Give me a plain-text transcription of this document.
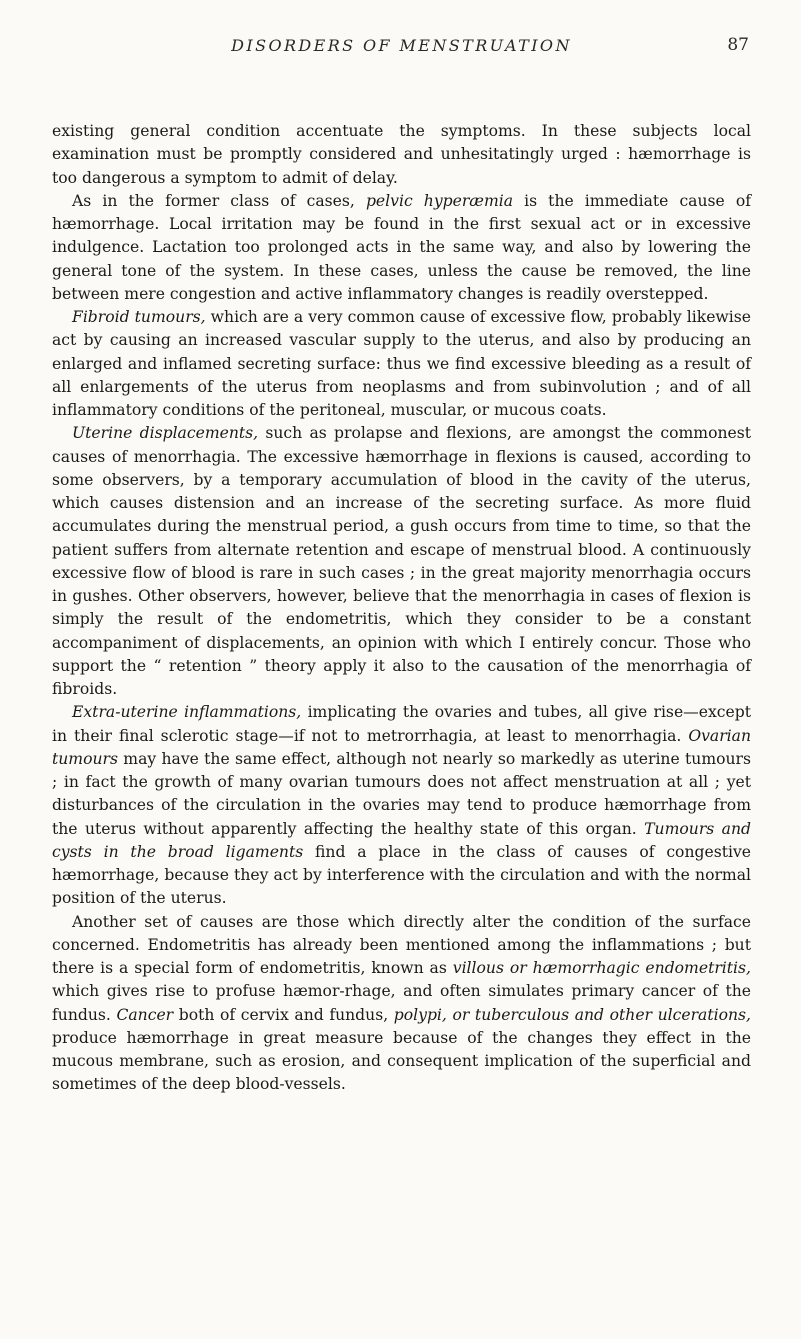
DISORDERS OF MENSTRUATION	87

existing general condition accentuate the symptoms. In these subjects local examination must be promptly considered and unhesitatingly urged : hæmorrhage is too dangerous a symptom to admit of delay.

As in the former class of cases, pelvic hyperæmia is the immediate cause of hæmorrhage. Local irritation may be found in the first sexual act or in excessive indulgence. Lactation too prolonged acts in the same way, and also by lowering the general tone of the system. In these cases, unless the cause be removed, the line between mere congestion and active inflammatory changes is readily overstepped.

Fibroid tumours, which are a very common cause of excessive flow, probably likewise act by causing an increased vascular supply to the uterus, and also by producing an enlarged and inflamed secreting surface: thus we find excessive bleeding as a result of all enlargements of the uterus from neoplasms and from subinvolution ; and of all inflammatory conditions of the peritoneal, muscular, or mucous coats.

Uterine displacements, such as prolapse and flexions, are amongst the commonest causes of menorrhagia. The excessive hæmorrhage in flexions is caused, according to some observers, by a temporary accumulation of blood in the cavity of the uterus, which causes distension and an increase of the secreting surface. As more fluid accumulates during the menstrual period, a gush occurs from time to time, so that the patient suffers from alternate retention and escape of menstrual blood. A continuously excessive flow of blood is rare in such cases ; in the great majority menorrhagia occurs in gushes. Other observers, however, believe that the menorrhagia in cases of flexion is simply the result of the endometritis, which they consider to be a constant accompaniment of displacements, an opinion with which I entirely concur. Those who support the “ retention ” theory apply it also to the causation of the menorrhagia of fibroids.

Extra-uterine inflammations, implicating the ovaries and tubes, all give rise—except in their final sclerotic stage—if not to metrorrhagia, at least to menorrhagia. Ovarian tumours may have the same effect, although not nearly so markedly as uterine tumours ; in fact the growth of many ovarian tumours does not affect menstruation at all ; yet disturbances of the circulation in the ovaries may tend to produce hæmorrhage from the uterus without apparently affecting the healthy state of this organ. Tumours and cysts in the broad ligaments find a place in the class of causes of congestive hæmorrhage, because they act by interference with the circulation and with the normal position of the uterus.

Another set of causes are those which directly alter the condition of the surface concerned. Endometritis has already been mentioned among the inflammations ; but there is a special form of endometritis, known as villous or hæmorrhagic endometritis, which gives rise to profuse hæmor-rhage, and often simulates primary cancer of the fundus. Cancer both of cervix and fundus, polypi, or tuberculous and other ulcerations, produce hæmorrhage in great measure because of the changes they effect in the mucous membrane, such as erosion, and consequent implication of the superficial and sometimes of the deep blood-vessels.
